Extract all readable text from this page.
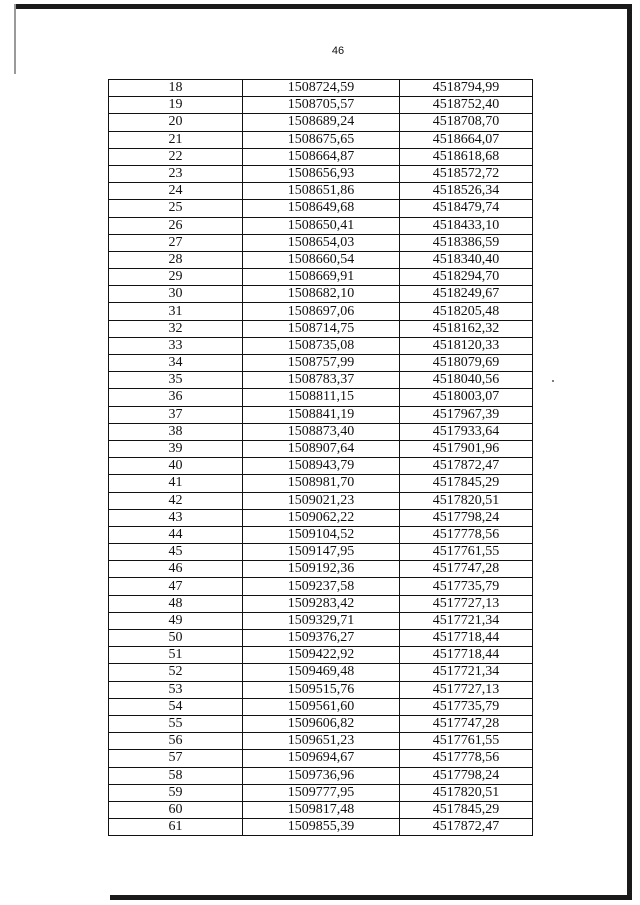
46
18	1508724,59	4518794,99
19	1508705,57	4518752,40
20	1508689,24	4518708,70
21	1508675,65	4518664,07
22	1508664,87	4518618,68
23	1508656,93	4518572,72
24	1508651,86	4518526,34
25	1508649,68	4518479,74
26	1508650,41	4518433,10
27	1508654,03	4518386,59
28	1508660,54	4518340,40
29	1508669,91	4518294,70
30	1508682,10	4518249,67
31	1508697,06	4518205,48
32	1508714,75	4518162,32
33	1508735,08	4518120,33
34	1508757,99	4518079,69
35	1508783,37	4518040,56
36	1508811,15	4518003,07
37	1508841,19	4517967,39
38	1508873,40	4517933,64
39	1508907,64	4517901,96
40	1508943,79	4517872,47
41	1508981,70	4517845,29
42	1509021,23	4517820,51
43	1509062,22	4517798,24
44	1509104,52	4517778,56
45	1509147,95	4517761,55
46	1509192,36	4517747,28
47	1509237,58	4517735,79
48	1509283,42	4517727,13
49	1509329,71	4517721,34
50	1509376,27	4517718,44
51	1509422,92	4517718,44
52	1509469,48	4517721,34
53	1509515,76	4517727,13
54	1509561,60	4517735,79
55	1509606,82	4517747,28
56	1509651,23	4517761,55
57	1509694,67	4517778,56
58	1509736,96	4517798,24
59	1509777,95	4517820,51
60	1509817,48	4517845,29
61	1509855,39	4517872,47
